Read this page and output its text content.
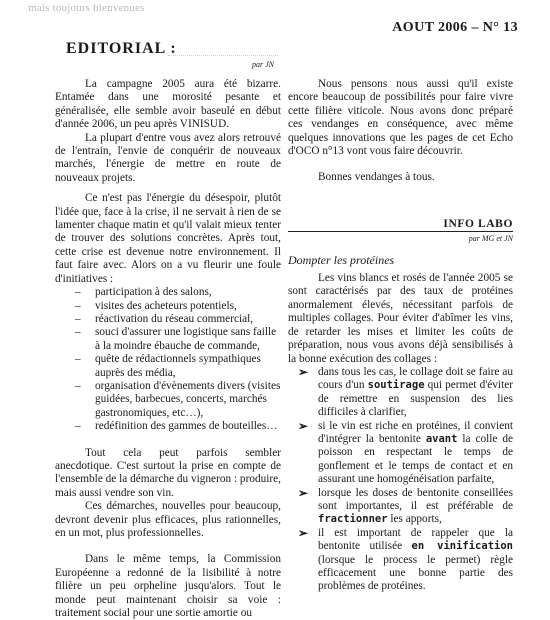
mais toujours bienvenues
AOUT 2006 – N° 13
EDITORIAL :
par JN

La campagne 2005 aura été bizarre. Entamée dans une morosité pesante et généralisée, elle semble avoir baseulé en début d'année 2006, un peu après VINISUD.

La plupart d'entre vous avez alors retrouvé de l'entrain, l'envie de conquérir de nouveaux marchés, l'énergie de mettre en route de nouveaux projets.

Ce n'est pas l'énergie du désespoir, plutôt l'idée que, face à la crise, il ne servait à rien de se lamenter chaque matin et qu'il valait mieux tenter de trouver des solutions concrètes. Après tout, cette crise est devenue notre environnement. Il faut faire avec. Alors on a vu fleurir une foule d'initiatives :

– participation à des salons,
– visites des acheteurs potentiels,
– réactivation du réseau commercial,
– souci d'assurer une logistique sans faille à la moindre ébauche de commande,
– quête de rédactionnels sympathiques auprès des média,
– organisation d'évènements divers (visites guidées, barbecues, concerts, marchés gastronomiques, etc…),
– redéfinition des gammes de bouteilles…

Tout cela peut parfois sembler anecdotique. C'est surtout la prise en compte de l'ensemble de la démarche du vigneron : produire, mais aussi vendre son vin.

Ces démarches, nouvelles pour beaucoup, devront devenir plus efficaces, plus rationnelles, en un mot, plus professionnelles.

Dans le même temps, la Commission Européenne a redonné de la lisibilité à notre filière un peu orpheline jusqu'alors. Tout le monde peut maintenant choisir sa voie : traitement social pour une sortie amortie ou

Nous pensons nous aussi qu'il existe encore beaucoup de possibilités pour faire vivre cette filière viticole. Nous avons donc préparé ces vendanges en conséquence, avec même quelques innovations que les pages de cet Echo d'OCO n°13 vont vous faire découvrir.

Bonnes vendanges à tous.

INFO LABO
par MG et JN
Dompter les protéines

Les vins blancs et rosés de l'année 2005 se sont caractérisés par des taux de protéines anormalement élevés, nécessitant parfois de multiples collages. Pour éviter d'abîmer les vins, de retarder les mises et limiter les coûts de préparation, nous vous avons déjà sensibilisés à la bonne exécution des collages :

➢ dans tous les cas, le collage doit se faire au cours d'un soutirage qui permet d'éviter de remettre en suspension des lies difficiles à clarifier,
➢ si le vin est riche en protéines, il convient d'intégrer la bentonite avant la colle de poisson en respectant le temps de gonflement et le temps de contact et en assurant une homogénéisation parfaite,
➢ lorsque les doses de bentonite conseillées sont importantes, il est préférable de fractionner les apports,
➢ il est important de rappeler que la bentonite utilisée en vinification (lorsque le process le permet) règle efficacement une bonne partie des problèmes de protéines.
